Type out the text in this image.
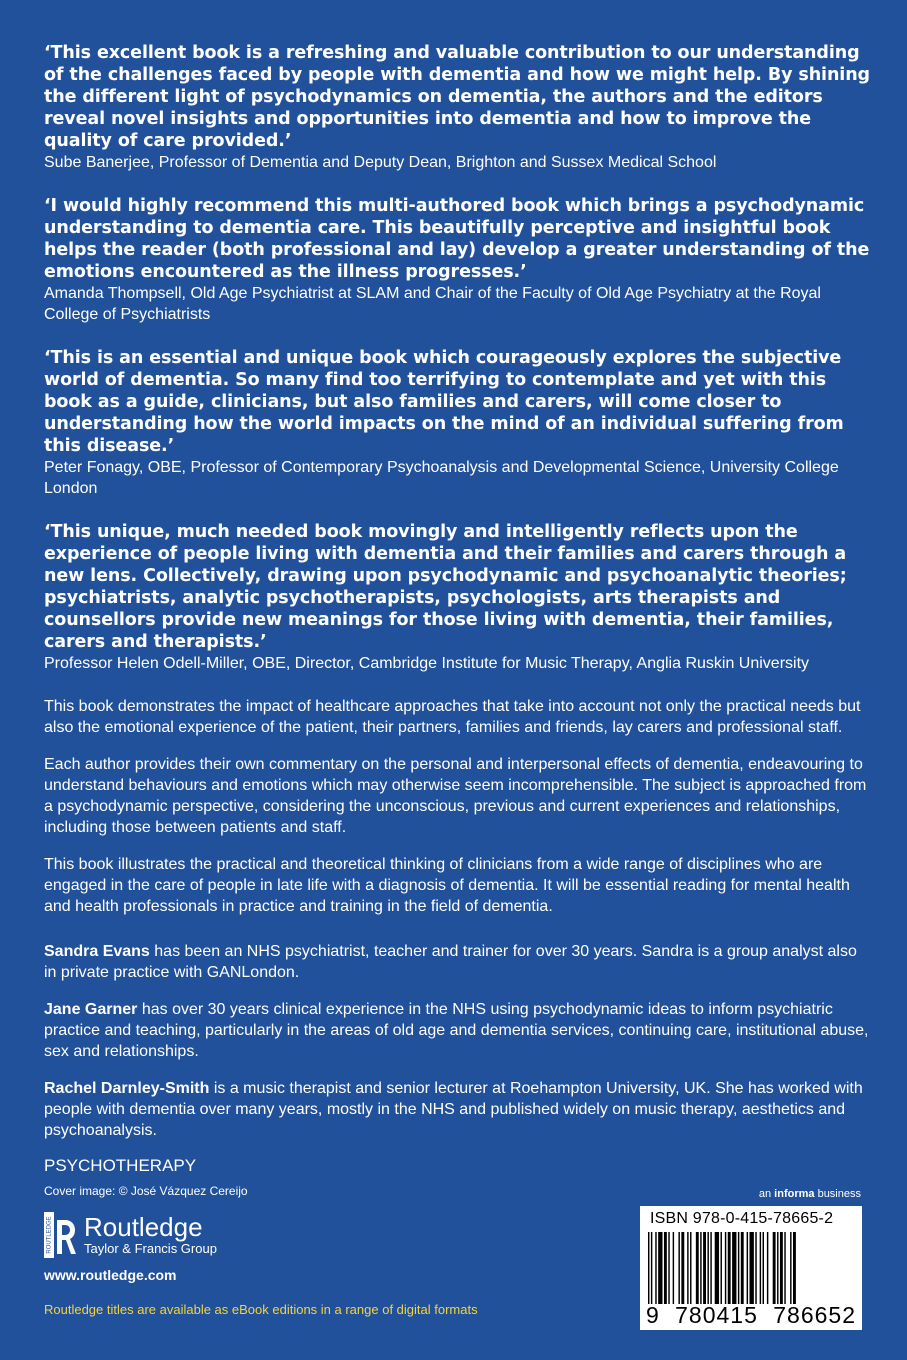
‘This excellent book is a refreshing and valuable contribution to our understanding of the challenges faced by people with dementia and how we might help. By shining the different light of psychodynamics on dementia, the authors and the editors reveal novel insights and opportunities into dementia and how to improve the quality of care provided.’

Sube Banerjee, Professor of Dementia and Deputy Dean, Brighton and Sussex Medical School

‘I would highly recommend this multi-authored book which brings a psychodynamic understanding to dementia care. This beautifully perceptive and insightful book helps the reader (both professional and lay) develop a greater understanding of the emotions encountered as the illness progresses.’

Amanda Thompsell, Old Age Psychiatrist at SLAM and Chair of the Faculty of Old Age Psychiatry at the Royal College of Psychiatrists

‘This is an essential and unique book which courageously explores the subjective world of dementia. So many find too terrifying to contemplate and yet with this book as a guide, clinicians, but also families and carers, will come closer to understanding how the world impacts on the mind of an individual suffering from this disease.’

Peter Fonagy, OBE, Professor of Contemporary Psychoanalysis and Developmental Science, University College London

‘This unique, much needed book movingly and intelligently reflects upon the experience of people living with dementia and their families and carers through a new lens. Collectively, drawing upon psychodynamic and psychoanalytic theories; psychiatrists, analytic psychotherapists, psychologists, arts therapists and counsellors provide new meanings for those living with dementia, their families, carers and therapists.’

Professor Helen Odell-Miller, OBE, Director, Cambridge Institute for Music Therapy, Anglia Ruskin University

This book demonstrates the impact of healthcare approaches that take into account not only the practical needs but also the emotional experience of the patient, their partners, families and friends, lay carers and professional staff.

Each author provides their own commentary on the personal and interpersonal effects of dementia, endeavouring to understand behaviours and emotions which may otherwise seem incomprehensible. The subject is approached from a psychodynamic perspective, considering the unconscious, previous and current experiences and relationships, including those between patients and staff.

This book illustrates the practical and theoretical thinking of clinicians from a wide range of disciplines who are engaged in the care of people in late life with a diagnosis of dementia. It will be essential reading for mental health and health professionals in practice and training in the field of dementia.

Sandra Evans has been an NHS psychiatrist, teacher and trainer for over 30 years. Sandra is a group analyst also in private practice with GANLondon.

Jane Garner has over 30 years clinical experience in the NHS using psychodynamic ideas to inform psychiatric practice and teaching, particularly in the areas of old age and dementia services, continuing care, institutional abuse, sex and relationships.

Rachel Darnley-Smith is a music therapist and senior lecturer at Roehampton University, UK. She has worked with people with dementia over many years, mostly in the NHS and published widely on music therapy, aesthetics and psychoanalysis.

PSYCHOTHERAPY
Cover image: © José Vázquez Cereijo
ROUTLEDGE Routledge
Taylor & Francis Group
www.routledge.com
Routledge titles are available as eBook editions in a range of digital formats
an informa business
ISBN 978-0-415-78665-2
9 780415 786652
